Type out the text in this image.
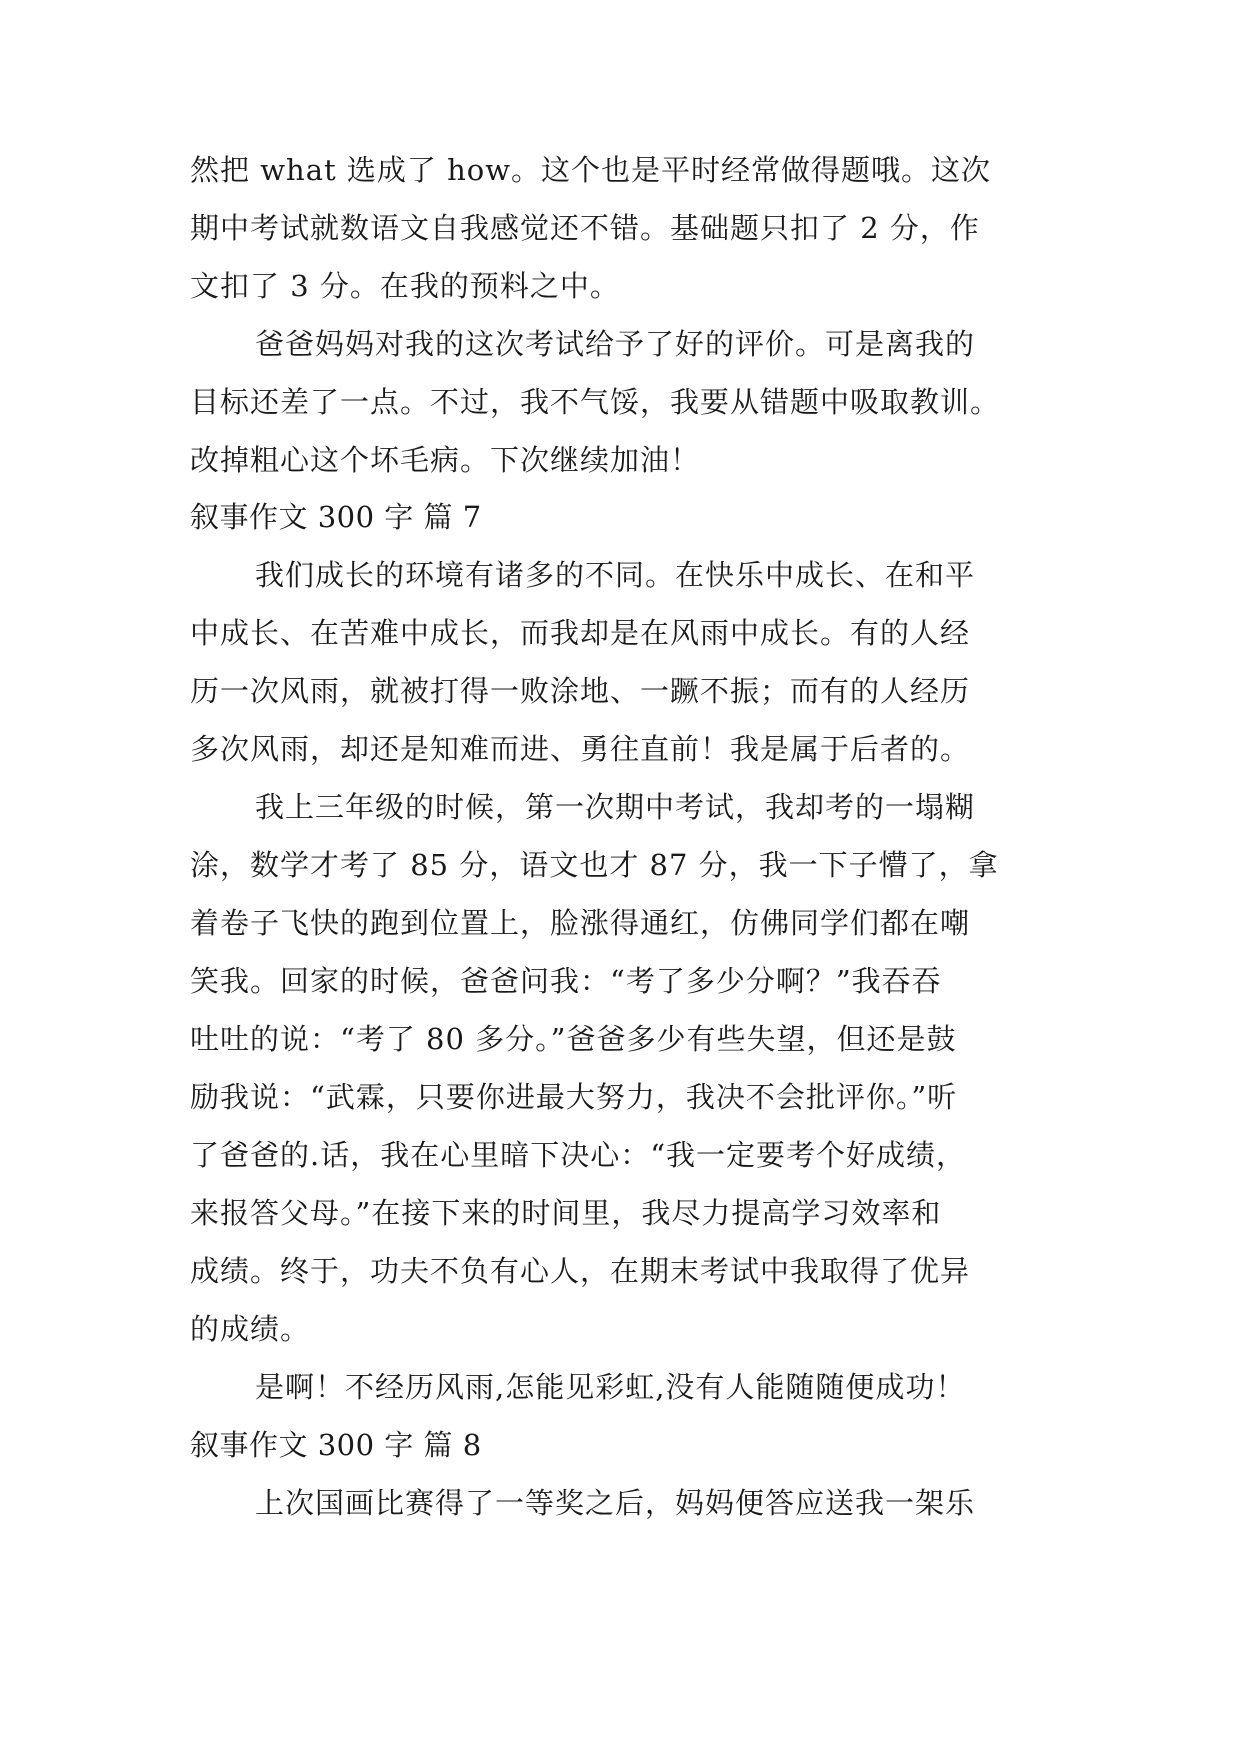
然把 what 选成了 how。这个也是平时经常做得题哦。这次
期中考试就数语文自我感觉还不错。基础题只扣了 2 分，作
文扣了 3 分。在我的预料之中。
爸爸妈妈对我的这次考试给予了好的评价。可是离我的
目标还差了一点。不过，我不气馁，我要从错题中吸取教训。
改掉粗心这个坏毛病。下次继续加油！
叙事作文 300 字 篇 7
我们成长的环境有诸多的不同。在快乐中成长、在和平
中成长、在苦难中成长，而我却是在风雨中成长。有的人经
历一次风雨，就被打得一败涂地、一蹶不振；而有的人经历
多次风雨，却还是知难而进、勇往直前！我是属于后者的。
我上三年级的时候，第一次期中考试，我却考的一塌糊
涂，数学才考了 85 分，语文也才 87 分，我一下子懵了，拿
着卷子飞快的跑到位置上，脸涨得通红，仿佛同学们都在嘲
笑我。回家的时候，爸爸问我：“考了多少分啊？”我吞吞
吐吐的说：“考了 80 多分。”爸爸多少有些失望，但还是鼓
励我说：“武霖，只要你进最大努力，我决不会批评你。”听
了爸爸的.话，我在心里暗下决心：“我一定要考个好成绩，
来报答父母。”在接下来的时间里，我尽力提高学习效率和
成绩。终于，功夫不负有心人，在期末考试中我取得了优异
的成绩。
是啊！不经历风雨,怎能见彩虹,没有人能随随便成功！
叙事作文 300 字 篇 8
上次国画比赛得了一等奖之后，妈妈便答应送我一架乐
